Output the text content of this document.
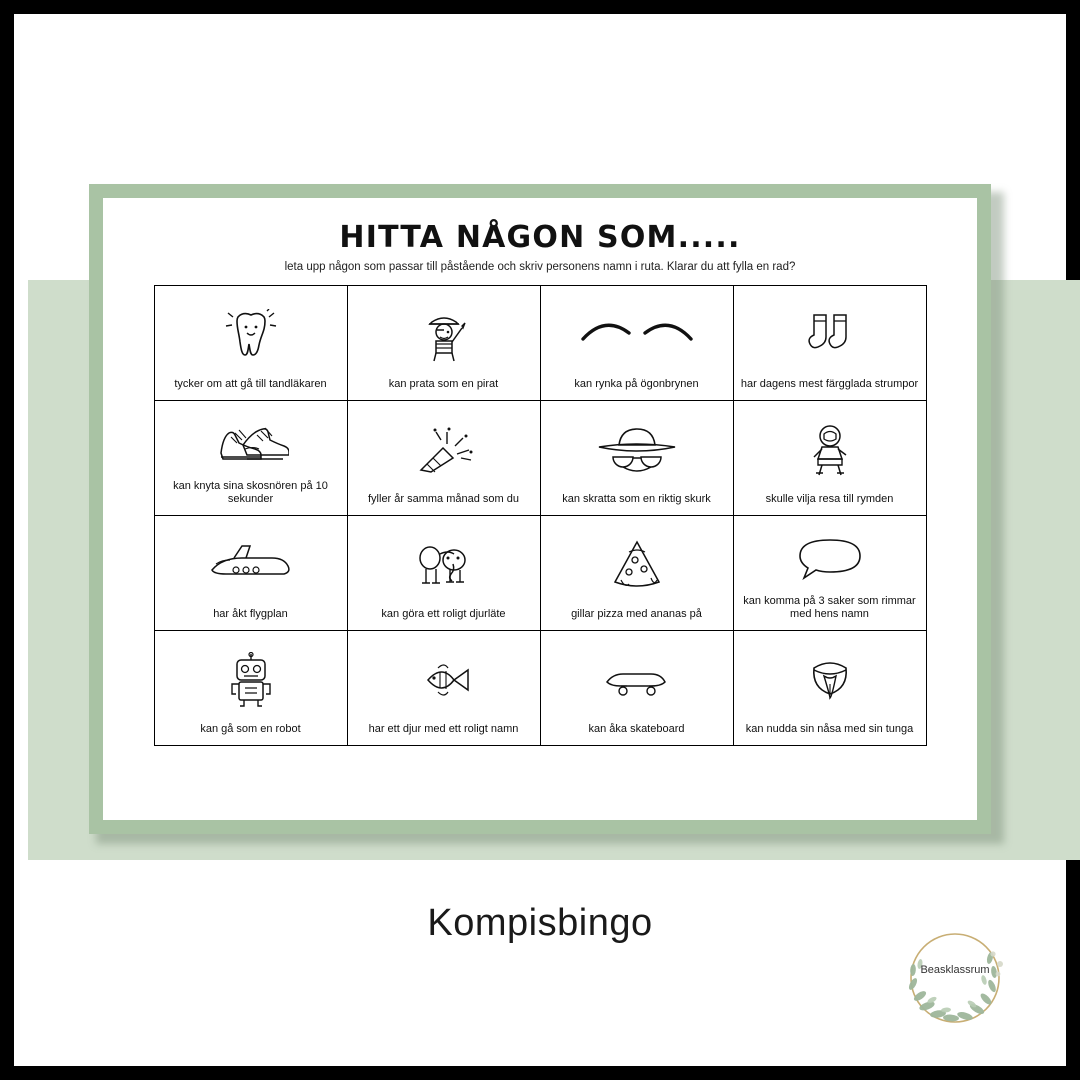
HITTA NÅGON SOM.....
leta upp någon som passar till påstående och skriv personens namn i ruta. Klarar du att fylla en rad?
tycker om att gå till tandläkaren	kan prata som en pirat	kan rynka på ögonbrynen	har dagens mest färgglada strumpor

kan knyta sina skosnören på 10 sekunder	fyller år samma månad som du	kan skratta som en riktig skurk	skulle vilja resa till rymden

har åkt flygplan	kan göra ett roligt djurläte	gillar pizza med ananas på	kan komma på 3 saker som rimmar med hens namn

kan gå som en robot	har ett djur med ett roligt namn	kan åka skateboard	kan nudda sin nåsa med sin tunga
Kompisbingo
Beasklassrum
